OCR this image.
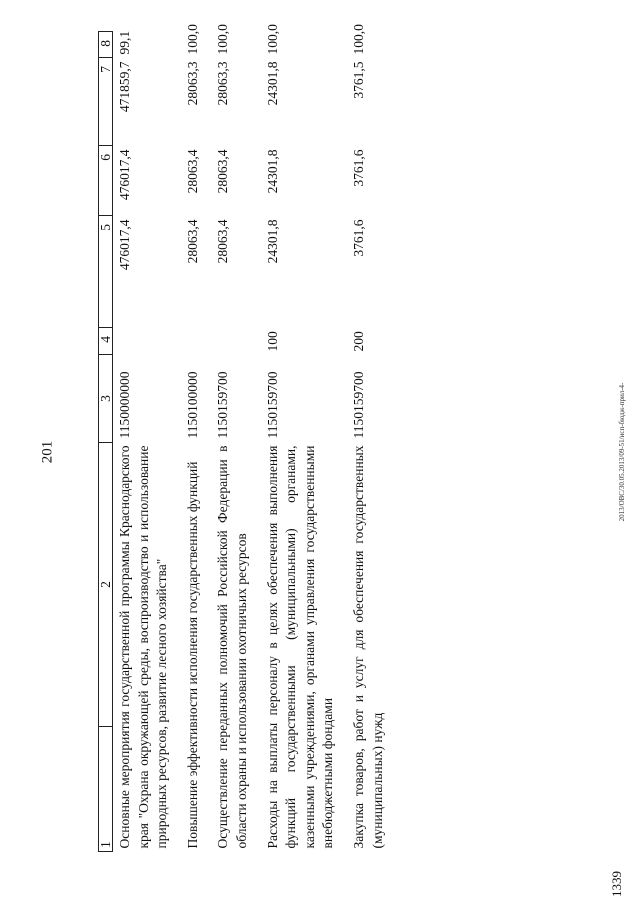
201	2013/OBC/30.05.2013/09-51/исп-бюдж-прил-4-
1339
1	2	3	4	5	6	7	8
Основные мероприятия государственной программы Краснодарского края "Охрана окружающей среды, воспроизводство и использование природных ресурсов, развитие лесного хозяйства"		1150000000		476017,4	476017,4	471859,7	99,1
Повышение эффективности исполнения государственных функций		1150100000		28063,4	28063,4	28063,3	100,0
Осуществление переданных полномочий Российской Федерации в области охраны и использовании охотничьих ресурсов		1150159700		28063,4	28063,4	28063,3	100,0
Расходы на выплаты персоналу в целях обеспечения выполнения функций государственными (муниципальными) органами, казенными учреждениями, органами управления государственными внебюджетными фондами		1150159700	100	24301,8	24301,8	24301,8	100,0
Закупка товаров, работ и услуг для обеспечения государственных (муниципальных) нужд		1150159700	200	3761,6	3761,6	3761,5	100,0
